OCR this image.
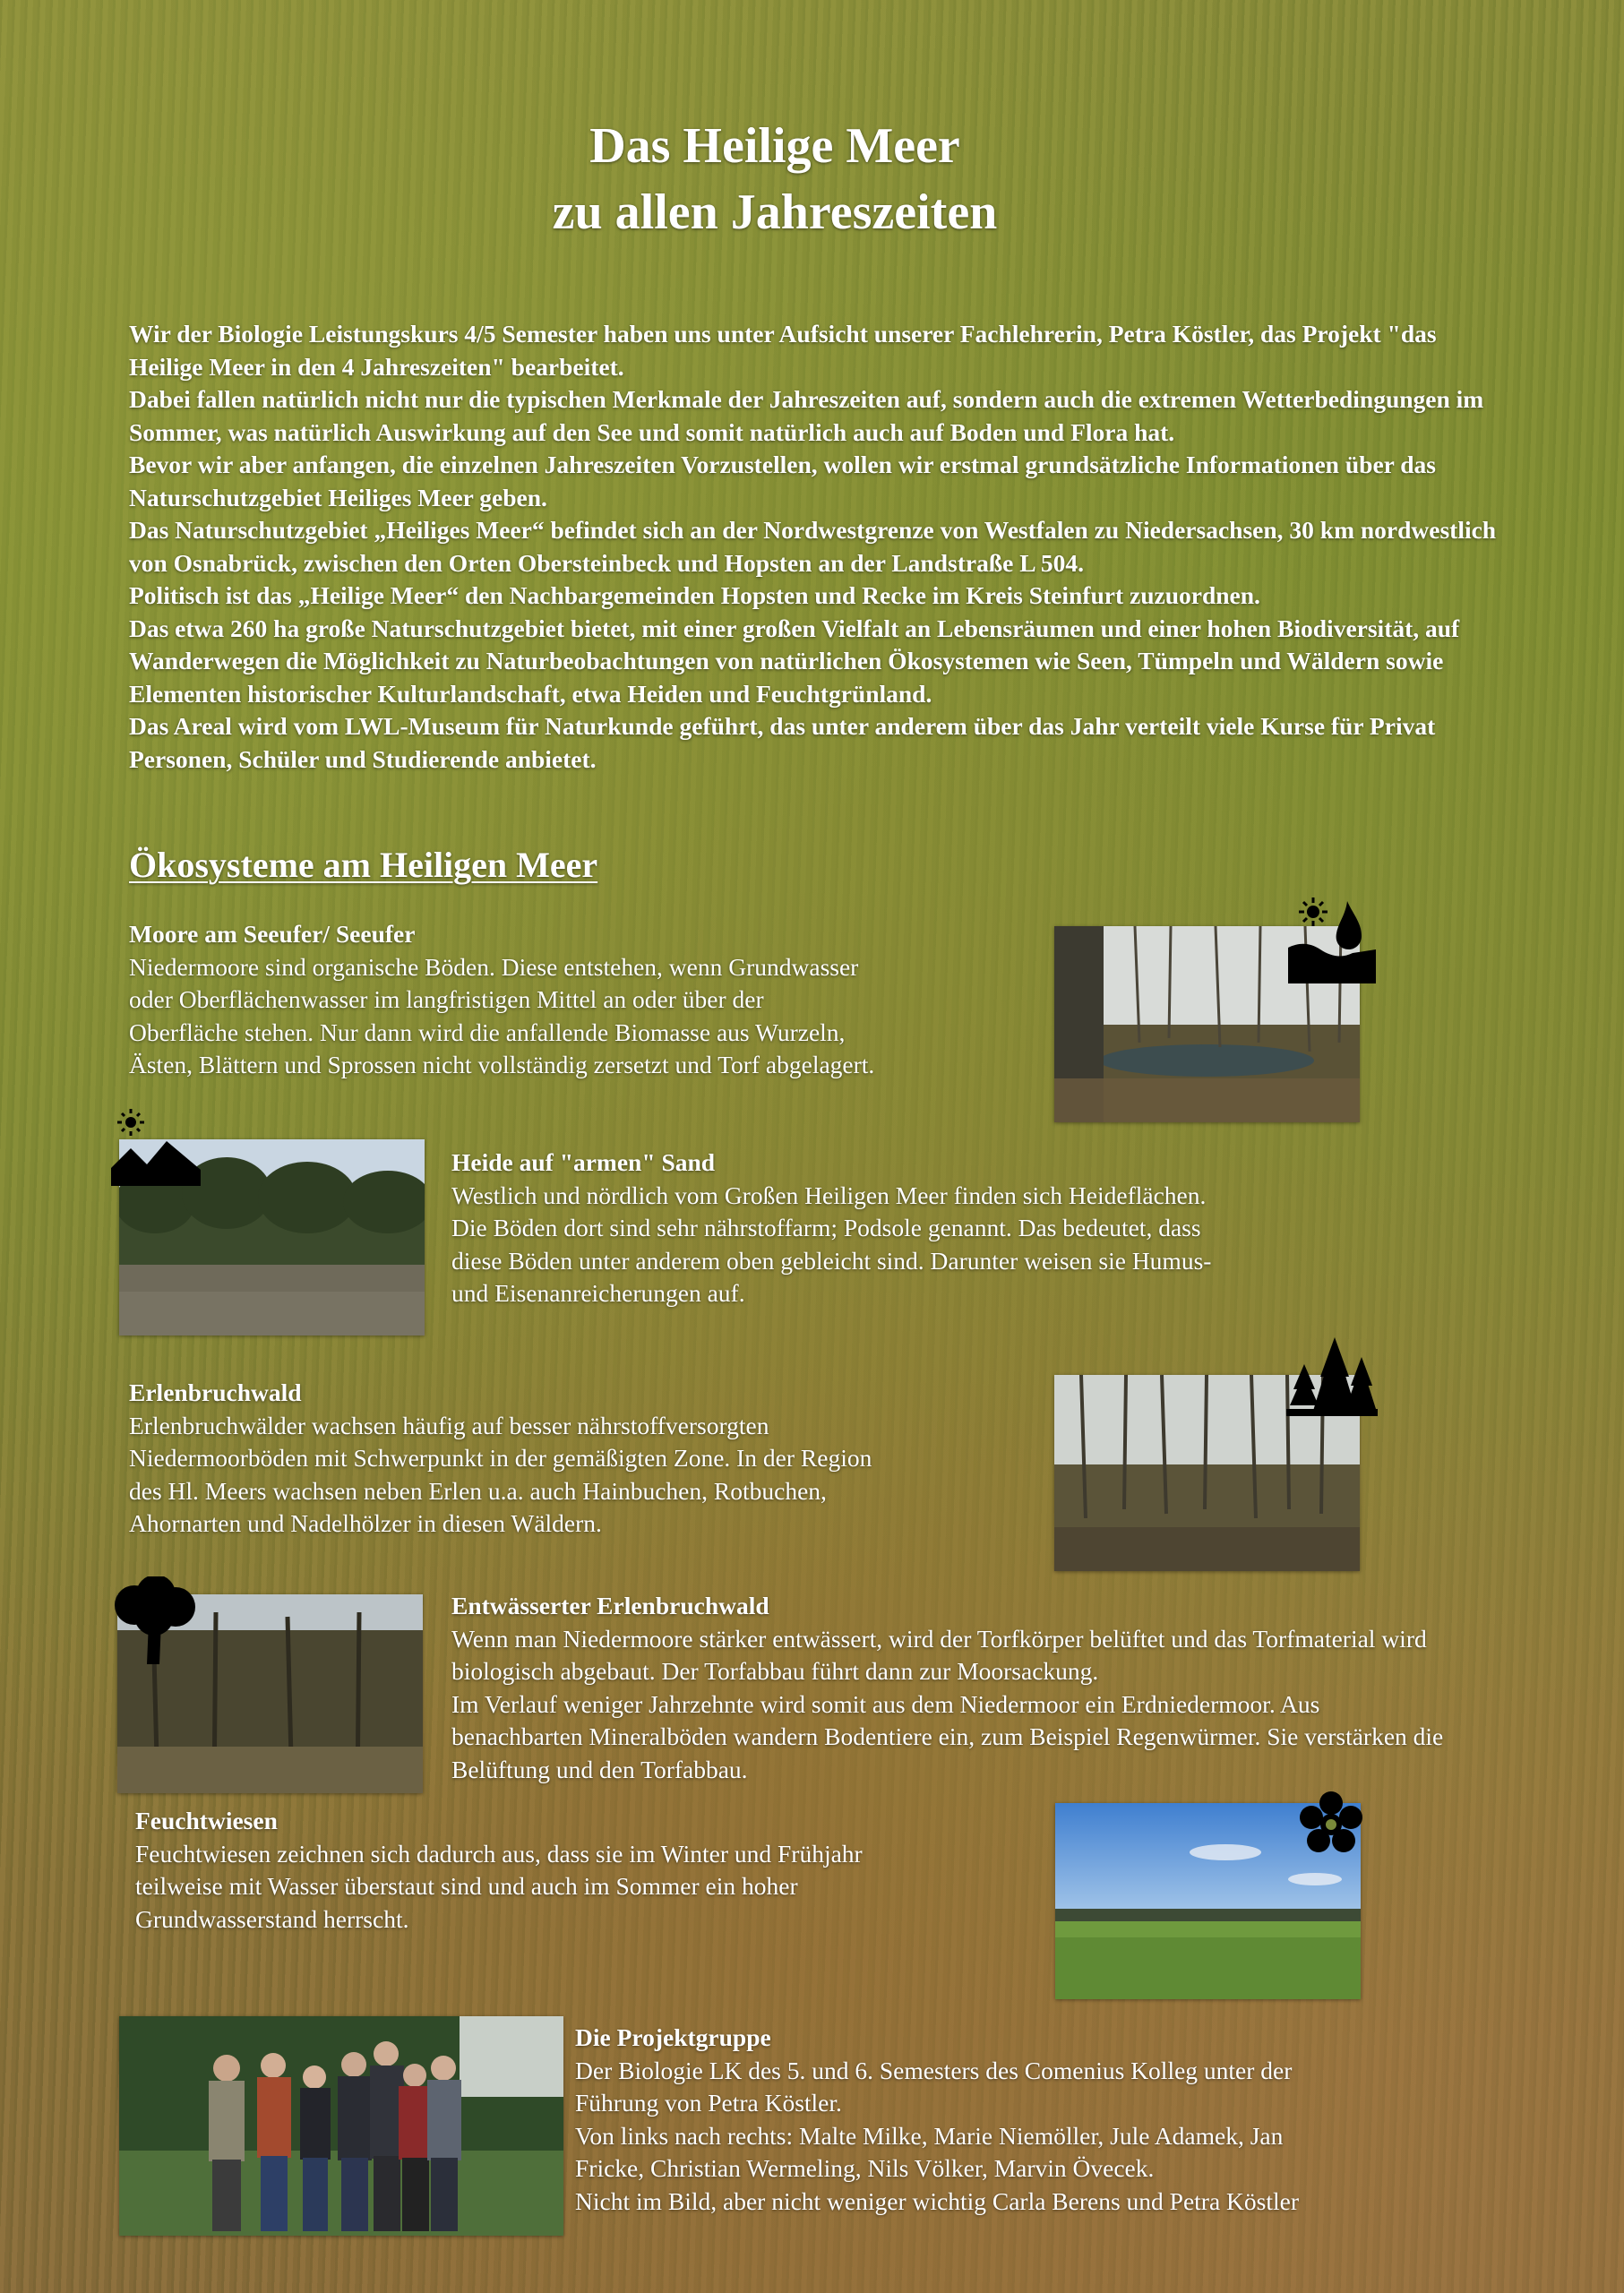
Das Heilige Meer
zu allen Jahreszeiten

Wir der Biologie Leistungskurs 4/5 Semester haben uns unter Aufsicht unserer Fachlehrerin, Petra Köstler, das Projekt "das Heilige Meer in den 4 Jahreszeiten" bearbeitet.

Dabei fallen natürlich nicht nur die typischen Merkmale der Jahreszeiten auf, sondern auch die extremen Wetterbedingungen im Sommer, was natürlich Auswirkung auf den See und somit natürlich auch auf Boden und Flora hat.

Bevor wir aber anfangen, die einzelnen Jahreszeiten Vorzustellen, wollen wir erstmal grundsätzliche Informationen über das Naturschutzgebiet Heiliges Meer geben.

Das Naturschutzgebiet „Heiliges Meer“ befindet sich an der Nordwestgrenze von Westfalen zu Niedersachsen, 30 km nordwestlich von Osnabrück, zwischen den Orten Obersteinbeck und Hopsten an der Landstraße L 504.

Politisch ist das „Heilige Meer“ den Nachbargemeinden Hopsten und Recke im Kreis Steinfurt zuzuordnen.

Das etwa 260 ha große Naturschutzgebiet bietet, mit einer großen Vielfalt an Lebensräumen und einer hohen Biodiversität, auf Wanderwegen die Möglichkeit zu Naturbeobachtungen von natürlichen Ökosystemen wie Seen, Tümpeln und Wäldern sowie Elementen historischer Kulturlandschaft, etwa Heiden und Feuchtgrünland.

Das Areal wird vom LWL-Museum für Naturkunde geführt, das unter anderem über das Jahr verteilt viele Kurse für Privat Personen, Schüler und Studierende anbietet.

Ökosysteme am Heiligen Meer
Moore am Seeufer/ Seeufer

Niedermoore sind organische Böden. Diese entstehen, wenn Grundwasser

oder Oberflächenwasser im langfristigen Mittel an oder über der

Oberfläche stehen. Nur dann wird die anfallende Biomasse aus Wurzeln,

Ästen, Blättern und Sprossen nicht vollständig zersetzt und Torf abgelagert.

Heide auf "armen" Sand

Westlich und nördlich vom Großen Heiligen Meer finden sich Heideflächen.

Die Böden dort sind sehr nährstoffarm; Podsole genannt. Das bedeutet, dass

diese Böden unter anderem oben gebleicht sind. Darunter weisen sie Humus-

und Eisenanreicherungen auf.

Erlenbruchwald

Erlenbruchwälder wachsen häufig auf besser nährstoffversorgten

Niedermoorböden mit Schwerpunkt in der gemäßigten Zone. In der Region

des Hl. Meers wachsen neben Erlen u.a. auch Hainbuchen, Rotbuchen,

Ahornarten und Nadelhölzer in diesen Wäldern.

Entwässerter Erlenbruchwald

Wenn man Niedermoore stärker entwässert, wird der Torfkörper belüftet und das Torfmaterial wird

biologisch abgebaut. Der Torfabbau führt dann zur Moorsackung.

Im Verlauf weniger Jahrzehnte wird somit aus dem Niedermoor ein Erdniedermoor. Aus

benachbarten Mineralböden wandern Bodentiere ein, zum Beispiel Regenwürmer. Sie verstärken die

Belüftung und den Torfabbau.

Feuchtwiesen

Feuchtwiesen zeichnen sich dadurch aus, dass sie im Winter und Frühjahr

teilweise mit Wasser überstaut sind und auch im Sommer ein hoher

Grundwasserstand herrscht.

Die Projektgruppe

Der Biologie LK des 5. und 6. Semesters des Comenius Kolleg unter der

Führung von Petra Köstler.

Von links nach rechts: Malte Milke, Marie Niemöller, Jule Adamek, Jan

Fricke, Christian Wermeling, Nils Völker, Marvin Övecek.

Nicht im Bild, aber nicht weniger wichtig Carla Berens und Petra Köstler
